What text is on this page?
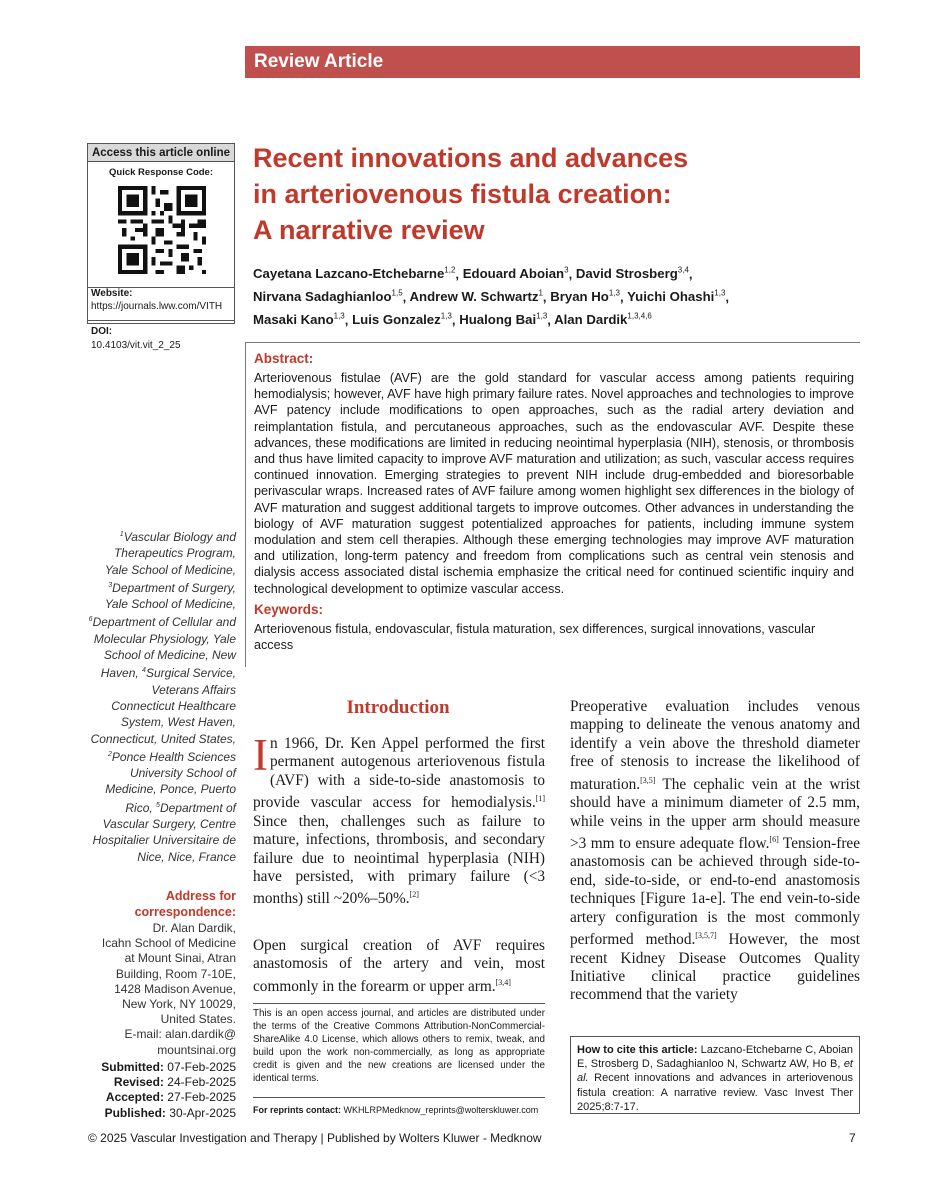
Review Article
Access this article online
Quick Response Code:
Website:
https://journals.lww.com/VITH
DOI:
10.4103/vit.vit_2_25
Recent innovations and advances
in arteriovenous fistula creation:
A narrative review
Cayetana Lazcano-Etchebarne$^{1,2}$, Edouard Aboian$^3$, David Strosberg$^{3,4}$,
Nirvana Sadaghianloo$^{1,5}$, Andrew W. Schwartz$^1$, Bryan Ho$^{1,3}$, Yuichi Ohashi$^{1,3}$,
Masaki Kano$^{1,3}$, Luis Gonzalez$^{1,3}$, Hualong Bai$^{1,3}$, Alan Dardik$^{1,3,4,6}$
Abstract:
Arteriovenous fistulae (AVF) are the gold standard for vascular access among patients requiring hemodialysis; however, AVF have high primary failure rates. Novel approaches and technologies to improve AVF patency include modifications to open approaches, such as the radial artery deviation and reimplantation fistula, and percutaneous approaches, such as the endovascular AVF. Despite these advances, these modifications are limited in reducing neointimal hyperplasia (NIH), stenosis, or thrombosis and thus have limited capacity to improve AVF maturation and utilization; as such, vascular access requires continued innovation. Emerging strategies to prevent NIH include drug-embedded and bioresorbable perivascular wraps. Increased rates of AVF failure among women highlight sex differences in the biology of AVF maturation and suggest additional targets to improve outcomes. Other advances in understanding the biology of AVF maturation suggest potentialized approaches for patients, including immune system modulation and stem cell therapies. Although these emerging technologies may improve AVF maturation and utilization, long-term patency and freedom from complications such as central vein stenosis and dialysis access associated distal ischemia emphasize the critical need for continued scientific inquiry and technological development to optimize vascular access.
Keywords:
Arteriovenous fistula, endovascular, fistula maturation, sex differences, surgical innovations, vascular access
$^1$Vascular Biology and Therapeutics Program, Yale School of Medicine, $^3$Department of Surgery, Yale School of Medicine, $^6$Department of Cellular and Molecular Physiology, Yale School of Medicine, New Haven, $^4$Surgical Service, Veterans Affairs Connecticut Healthcare System, West Haven, Connecticut, United States, $^2$Ponce Health Sciences University School of Medicine, Ponce, Puerto Rico, $^5$Department of Vascular Surgery, Centre Hospitalier Universitaire de Nice, Nice, France
Address for
correspondence:
Dr. Alan Dardik,
Icahn School of Medicine
at Mount Sinai, Atran
Building, Room 7-10E,
1428 Madison Avenue,
New York, NY 10029,
United States.
E-mail: alan.dardik@
mountsinai.org
Submitted: 07-Feb-2025
Revised: 24-Feb-2025
Accepted: 27-Feb-2025
Published: 30-Apr-2025
Introduction
In 1966, Dr. Ken Appel performed the first permanent autogenous arteriovenous fistula (AVF) with a side-to-side anastomosis to provide vascular access for hemodialysis.[1] Since then, challenges such as failure to mature, infections, thrombosis, and secondary failure due to neointimal hyperplasia (NIH) have persisted, with primary failure (<3 months) still ~20%–50%.[2]
Open surgical creation of AVF requires anastomosis of the artery and vein, most commonly in the forearm or upper arm.[3,4]
This is an open access journal, and articles are distributed under the terms of the Creative Commons Attribution-NonCommercial-ShareAlike 4.0 License, which allows others to remix, tweak, and build upon the work non-commercially, as long as appropriate credit is given and the new creations are licensed under the identical terms.
For reprints contact: WKHLRPMedknow_reprints@wolterskluwer.com
Preoperative evaluation includes venous mapping to delineate the venous anatomy and identify a vein above the threshold diameter free of stenosis to increase the likelihood of maturation.[3,5] The cephalic vein at the wrist should have a minimum diameter of 2.5 mm, while veins in the upper arm should measure >3 mm to ensure adequate flow.[6] Tension-free anastomosis can be achieved through side-to-end, side-to-side, or end-to-end anastomosis techniques [Figure 1a-e]. The end vein-to-side artery configuration is the most commonly performed method.[3,5,7] However, the most recent Kidney Disease Outcomes Quality Initiative clinical practice guidelines recommend that the variety
How to cite this article: Lazcano-Etchebarne C, Aboian E, Strosberg D, Sadaghianloo N, Schwartz AW, Ho B, et al. Recent innovations and advances in arteriovenous fistula creation: A narrative review. Vasc Invest Ther 2025;8:7-17.
© 2025 Vascular Investigation and Therapy | Published by Wolters Kluwer - Medknow	7
